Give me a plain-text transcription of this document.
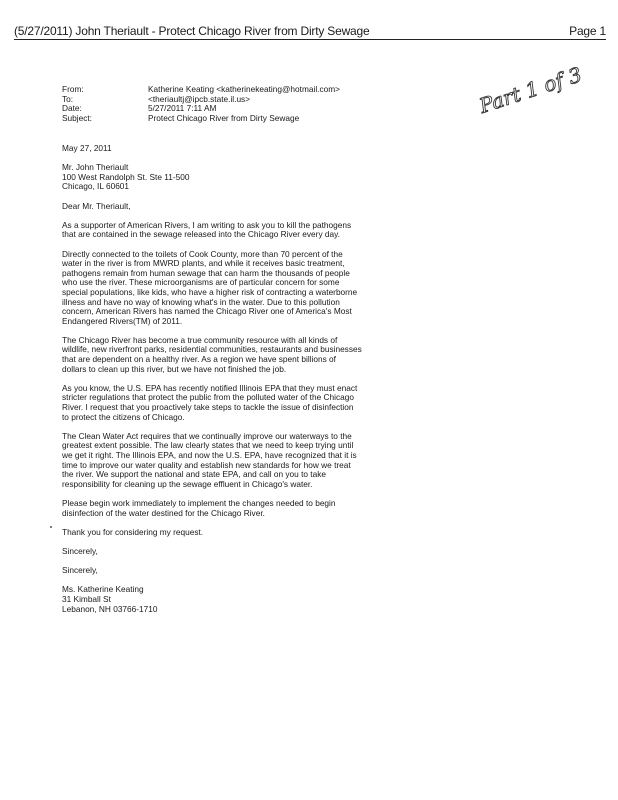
(5/27/2011) John Theriault - Protect Chicago River from Dirty Sewage	Page 1
Part 1 of 3
From:	Katherine Keating <katherinekeating@hotmail.com>
To:	<theriaultj@ipcb.state.il.us>
Date:	5/27/2011 7:11 AM
Subject:	Protect Chicago River from Dirty Sewage

May 27, 2011

Mr. John Theriault
100 West Randolph St. Ste 11-500
Chicago, IL 60601

Dear Mr. Theriault,

As a supporter of American Rivers, I am writing to ask you to kill the pathogens that are contained in the sewage released into the Chicago River every day.

Directly connected to the toilets of Cook County, more than 70 percent of the water in the river is from MWRD plants, and while it receives basic treatment, pathogens remain from human sewage that can harm the thousands of people who use the river. These microorganisms are of particular concern for some special populations, like kids, who have a higher risk of contracting a waterborne illness and have no way of knowing what's in the water. Due to this pollution concern, American Rivers has named the Chicago River one of America's Most Endangered Rivers(TM) of 2011.

The Chicago River has become a true community resource with all kinds of wildlife, new riverfront parks, residential communities, restaurants and businesses that are dependent on a healthy river. As a region we have spent billions of dollars to clean up this river, but we have not finished the job.

As you know, the U.S. EPA has recently notified Illinois EPA that they must enact stricter regulations that protect the public from the polluted water of the Chicago River. I request that you proactively take steps to tackle the issue of disinfection to protect the citizens of Chicago.

The Clean Water Act requires that we continually improve our waterways to the greatest extent possible. The law clearly states that we need to keep trying until we get it right. The Illinois EPA, and now the U.S. EPA, have recognized that it is time to improve our water quality and establish new standards for how we treat the river. We support the national and state EPA, and call on you to take responsibility for cleaning up the sewage effluent in Chicago's water.

Please begin work immediately to implement the changes needed to begin disinfection of the water destined for the Chicago River.

Thank you for considering my request.

Sincerely,

Sincerely,

Ms. Katherine Keating
31 Kimball St
Lebanon, NH 03766-1710
